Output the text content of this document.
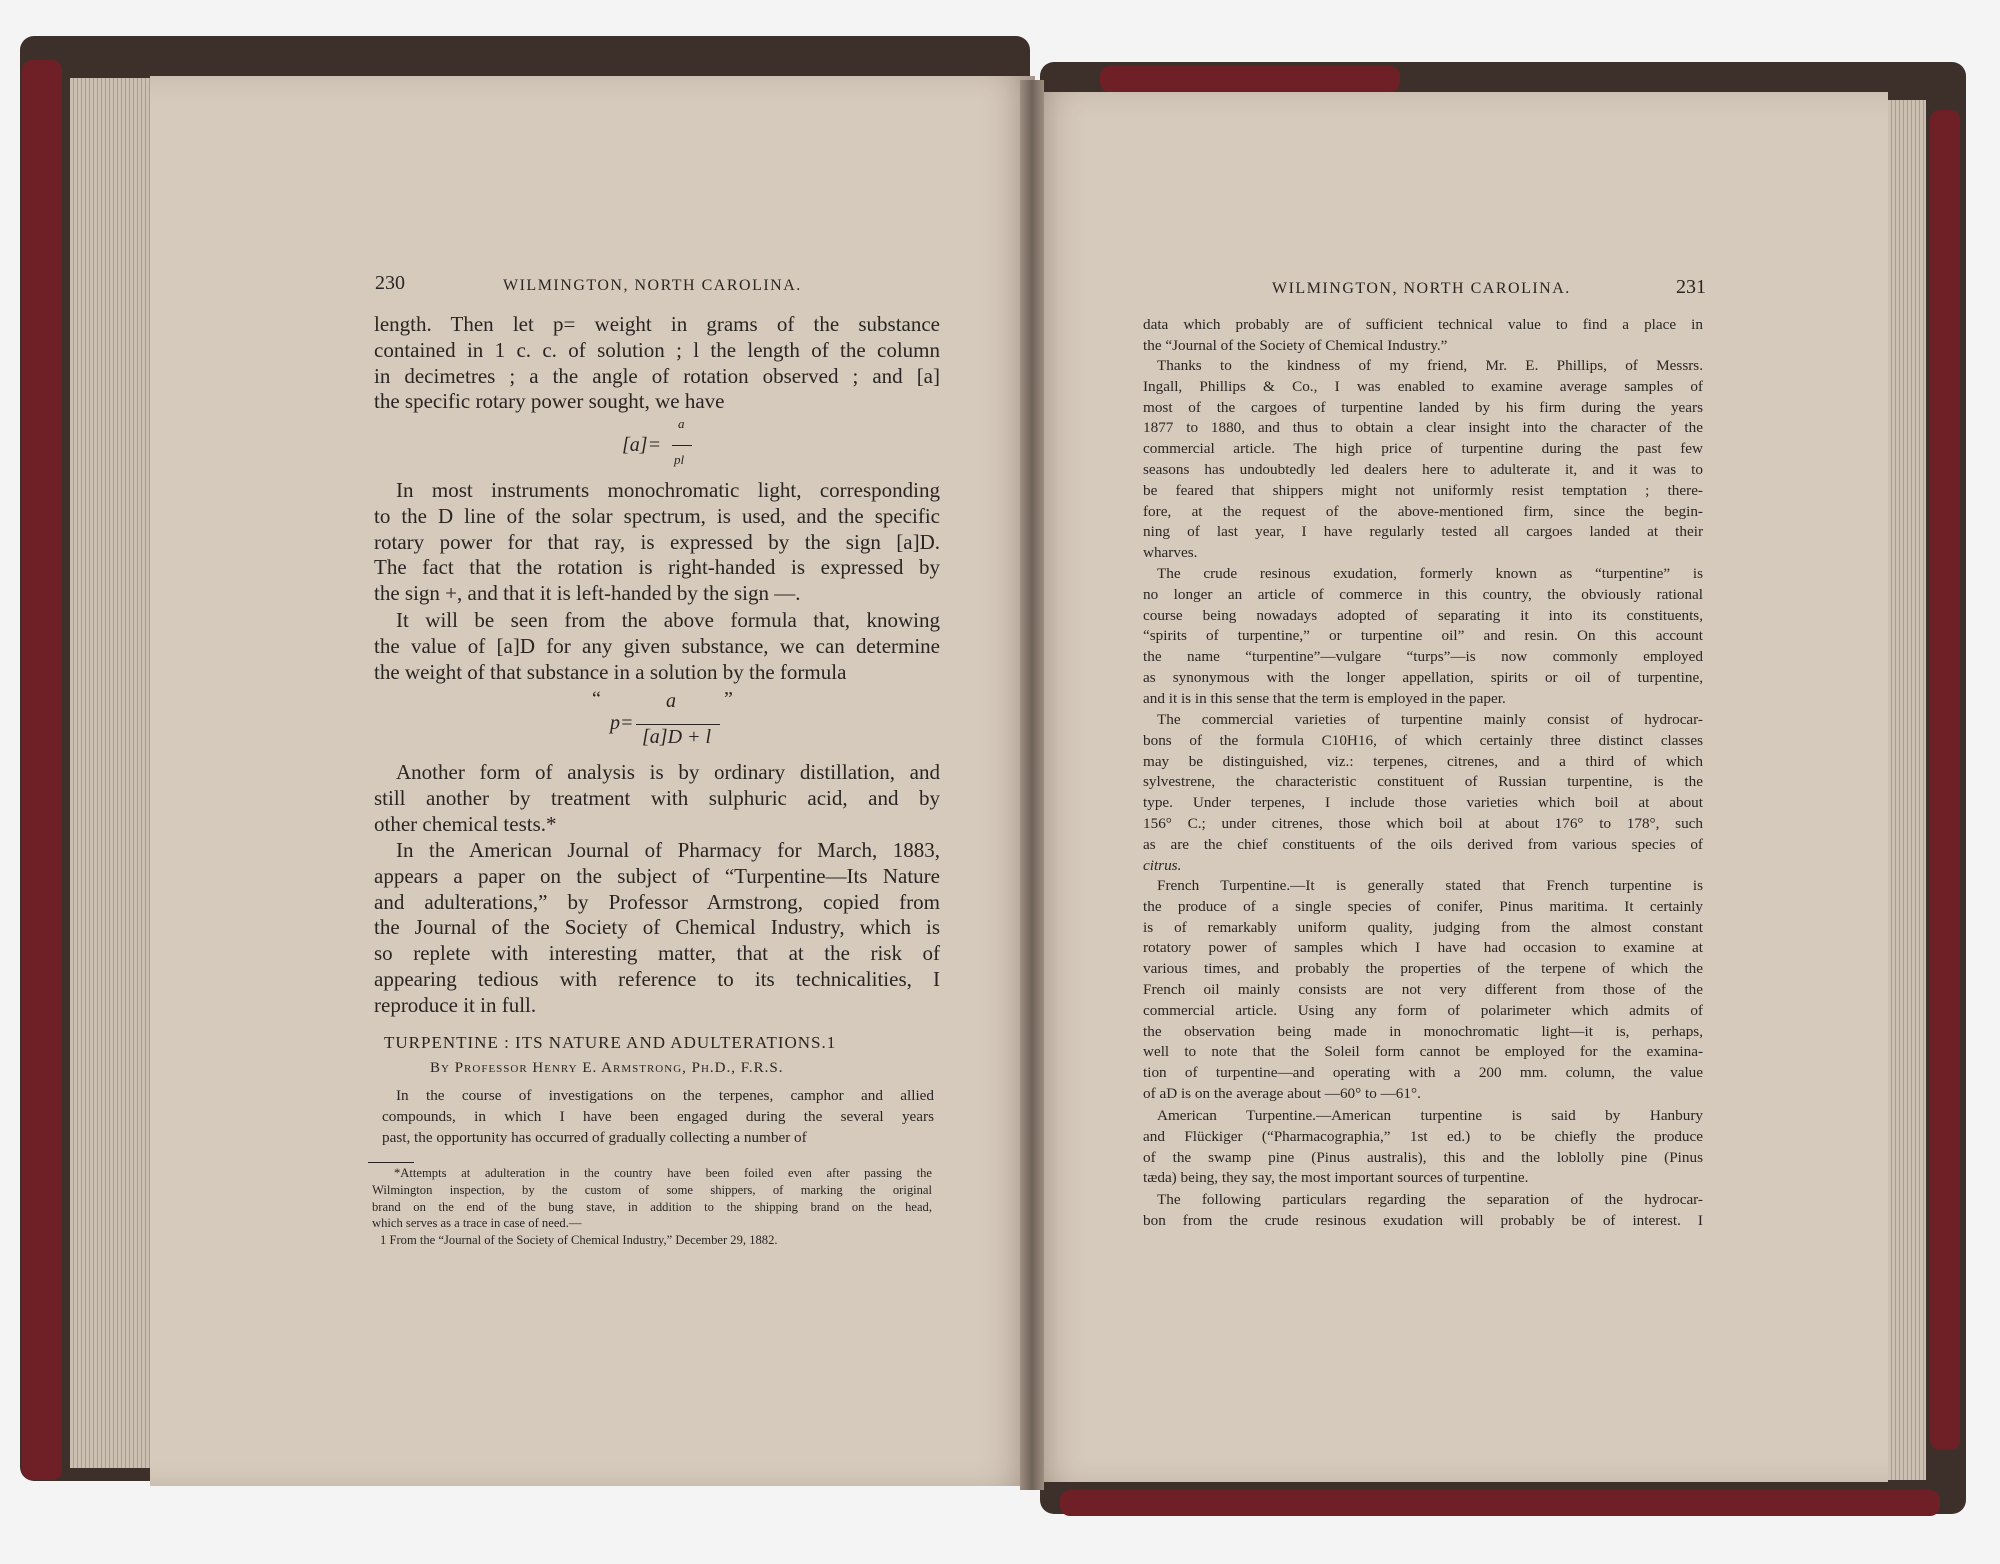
230	WILMINGTON, NORTH CAROLINA.
length. Then let p= weight in grams of the substance
contained in 1 c. c. of solution ; l the length of the column
in decimetres ; a the angle of rotation observed ; and [a]
the specific rotary power sought, we have
[a]=
a
pl
In most instruments monochromatic light, corresponding
to the D line of the solar spectrum, is used, and the specific
rotary power for that ray, is expressed by the sign [a]D.
The fact that the rotation is right-handed is expressed by
the sign +, and that it is left-handed by the sign —.
It will be seen from the above formula that, knowing
the value of [a]D for any given substance, we can determine
the weight of that substance in a solution by the formula
“	a ”
p=
[a]D + l
Another form of analysis is by ordinary distillation, and
still another by treatment with sulphuric acid, and by
other chemical tests.*
In the American Journal of Pharmacy for March, 1883,
appears a paper on the subject of “Turpentine—Its Nature
and adulterations,” by Professor Armstrong, copied from
the Journal of the Society of Chemical Industry, which is
so replete with interesting matter, that at the risk of
appearing tedious with reference to its technicalities, I
reproduce it in full.
TURPENTINE : ITS NATURE AND ADULTERATIONS.1
By Professor Henry E. Armstrong, Ph.D., F.R.S.
In the course of investigations on the terpenes, camphor and allied
compounds, in which I have been engaged during the several years
past, the opportunity has occurred of gradually collecting a number of
*Attempts at adulteration in the country have been foiled even after passing the
Wilmington inspection, by the custom of some shippers, of marking the original
brand on the end of the bung stave, in addition to the shipping brand on the head,
which serves as a trace in case of need.—
1 From the “Journal of the Society of Chemical Industry,” December 29, 1882.
WILMINGTON, NORTH CAROLINA.	231
data which probably are of sufficient technical value to find a place in
the “Journal of the Society of Chemical Industry.”
Thanks to the kindness of my friend, Mr. E. Phillips, of Messrs.
Ingall, Phillips & Co., I was enabled to examine average samples of
most of the cargoes of turpentine landed by his firm during the years
1877 to 1880, and thus to obtain a clear insight into the character of the
commercial article. The high price of turpentine during the past few
seasons has undoubtedly led dealers here to adulterate it, and it was to
be feared that shippers might not uniformly resist temptation ; there-
fore, at the request of the above-mentioned firm, since the begin-
ning of last year, I have regularly tested all cargoes landed at their
wharves.
The crude resinous exudation, formerly known as “turpentine” is
no longer an article of commerce in this country, the obviously rational
course being nowadays adopted of separating it into its constituents,
“spirits of turpentine,” or turpentine oil” and resin. On this account
the name “turpentine”—vulgare “turps”—is now commonly employed
as synonymous with the longer appellation, spirits or oil of turpentine,
and it is in this sense that the term is employed in the paper.
The commercial varieties of turpentine mainly consist of hydrocar-
bons of the formula C10H16, of which certainly three distinct classes
may be distinguished, viz.: terpenes, citrenes, and a third of which
sylvestrene, the characteristic constituent of Russian turpentine, is the
type. Under terpenes, I include those varieties which boil at about
156° C.; under citrenes, those which boil at about 176° to 178°, such
as are the chief constituents of the oils derived from various species of
citrus.
French Turpentine.—It is generally stated that French turpentine is
the produce of a single species of conifer, Pinus maritima. It certainly
is of remarkably uniform quality, judging from the almost constant
rotatory power of samples which I have had occasion to examine at
various times, and probably the properties of the terpene of which the
French oil mainly consists are not very different from those of the
commercial article. Using any form of polarimeter which admits of
the observation being made in monochromatic light—it is, perhaps,
well to note that the Soleil form cannot be employed for the examina-
tion of turpentine—and operating with a 200 mm. column, the value
of aD is on the average about —60° to —61°.
American Turpentine.—American turpentine is said by Hanbury
and Flückiger (“Pharmacographia,” 1st ed.) to be chiefly the produce
of the swamp pine (Pinus australis), this and the loblolly pine (Pinus
tæda) being, they say, the most important sources of turpentine.
The following particulars regarding the separation of the hydrocar-
bon from the crude resinous exudation will probably be of interest. I
